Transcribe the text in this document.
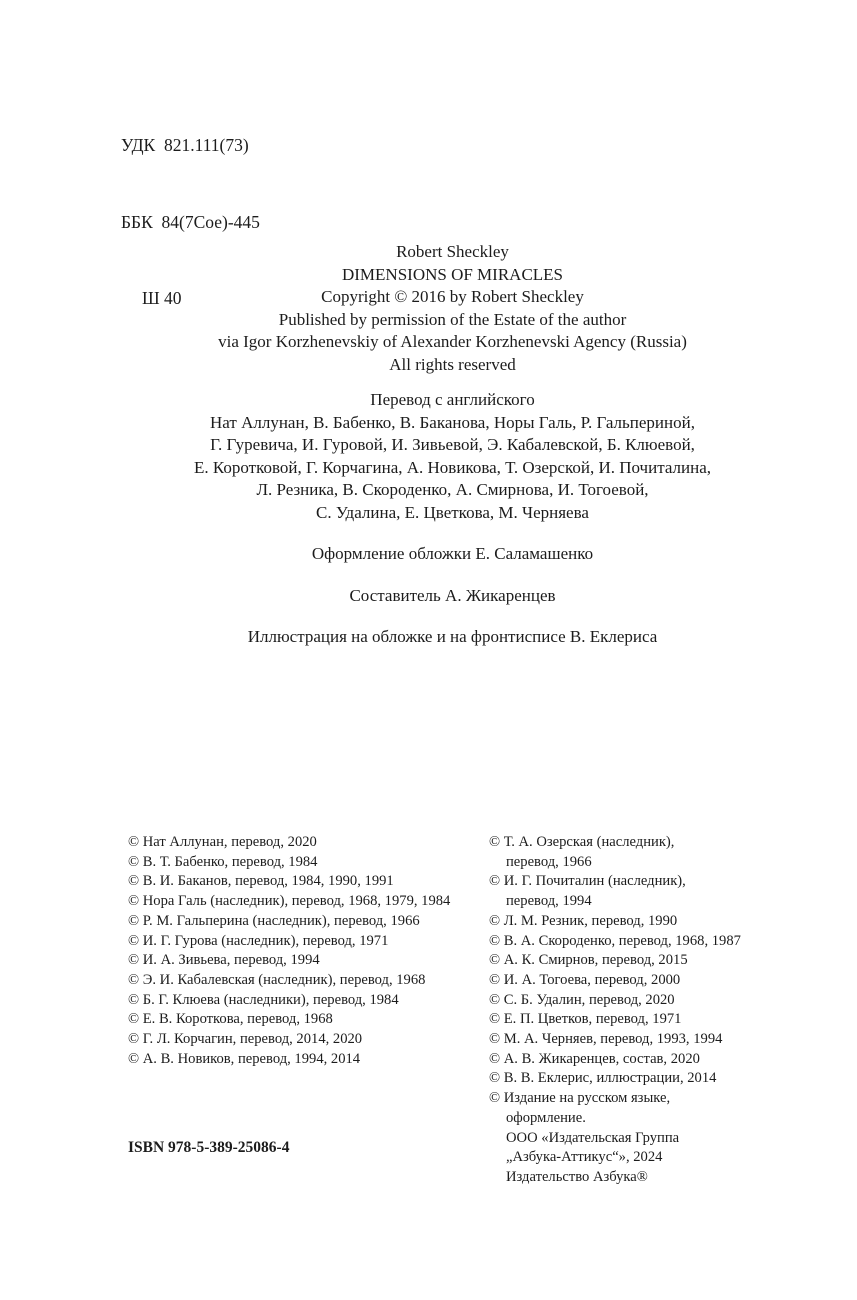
УДК  821.111(73)

ББК  84(7Сое)-445

Ш 40

Robert Sheckley
DIMENSIONS OF MIRACLES
Copyright © 2016 by Robert Sheckley
Published by permission of the Estate of the author
via Igor Korzhenevskiy of Alexander Korzhenevski Agency (Russia)
All rights reserved
Перевод с английского
Нат Аллунан, В. Бабенко, В. Баканова, Норы Галь, Р. Гальпериной,
Г. Гуревича, И. Гуровой, И. Зивьевой, Э. Кабалевской, Б. Клюевой,
Е. Коротковой, Г. Корчагина, А. Новикова, Т. Озерской, И. Почиталина,
Л. Резника, В. Скороденко, А. Смирнова, И. Тогоевой,
С. Удалина, Е. Цветкова, М. Черняева
Оформление обложки Е. Саламашенко
Составитель А. Жикаренцев
Иллюстрация на обложке и на фронтисписе В. Еклериса
© Нат Аллунан, перевод, 2020
© В. Т. Бабенко, перевод, 1984
© В. И. Баканов, перевод, 1984, 1990, 1991
© Нора Галь (наследник), перевод, 1968, 1979, 1984
© Р. М. Гальперина (наследник), перевод, 1966
© И. Г. Гурова (наследник), перевод, 1971
© И. А. Зивьева, перевод, 1994
© Э. И. Кабалевская (наследник), перевод, 1968
© Б. Г. Клюева (наследники), перевод, 1984
© Е. В. Короткова, перевод, 1968
© Г. Л. Корчагин, перевод, 2014, 2020
© А. В. Новиков, перевод, 1994, 2014
© Т. А. Озерская (наследник),
перевод, 1966
© И. Г. Почиталин (наследник),
перевод, 1994
© Л. М. Резник, перевод, 1990
© В. А. Скороденко, перевод, 1968, 1987
© А. К. Смирнов, перевод, 2015
© И. А. Тогоева, перевод, 2000
© С. Б. Удалин, перевод, 2020
© Е. П. Цветков, перевод, 1971
© М. А. Черняев, перевод, 1993, 1994
© А. В. Жикаренцев, состав, 2020
© В. В. Еклерис, иллюстрации, 2014
© Издание на русском языке,
оформление.
ООО «Издательская Группа
„Азбука-Аттикус“», 2024
Издательство Азбука®
ISBN 978-5-389-25086-4
